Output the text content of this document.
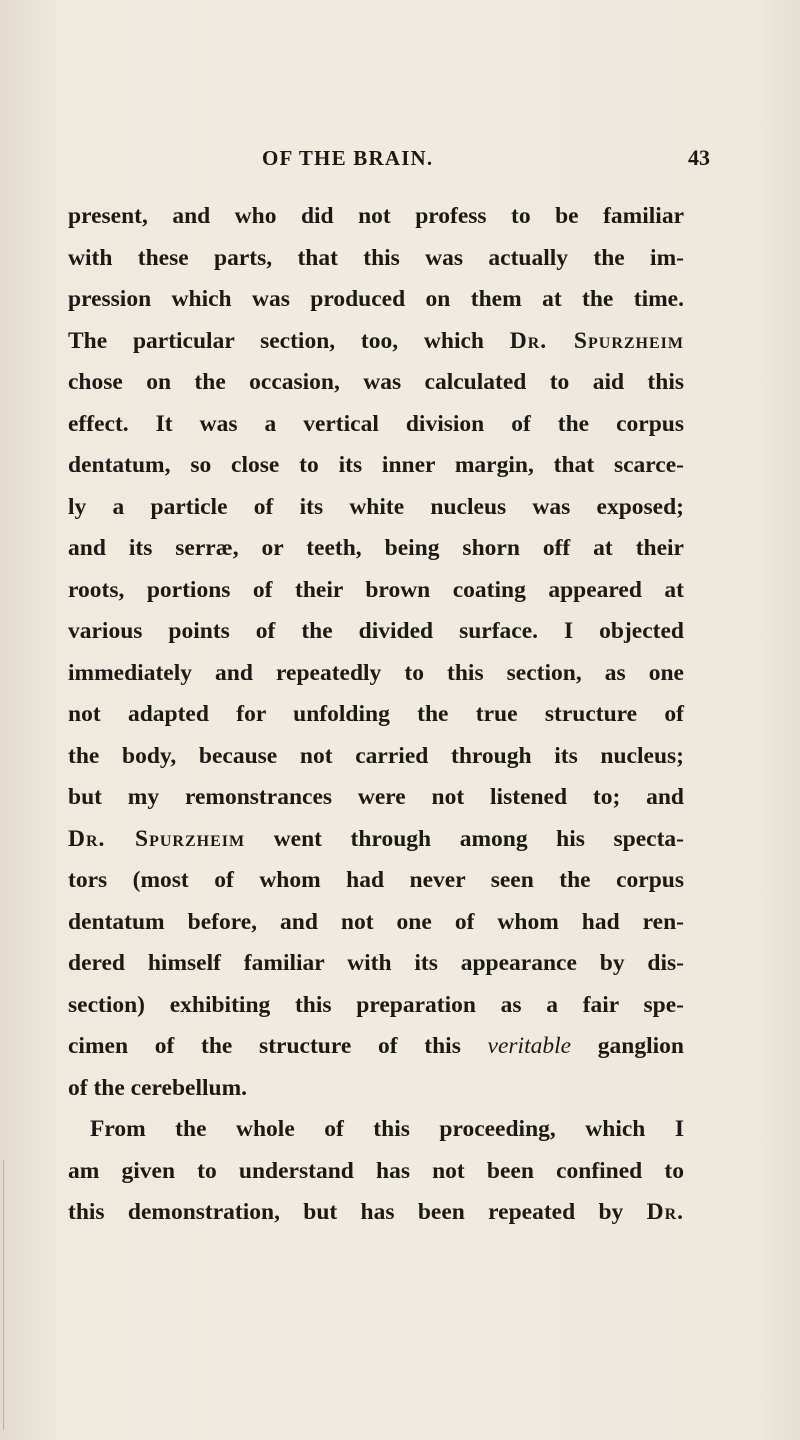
OF THE BRAIN.	43
present, and who did not profess to be familiar
with these parts, that this was actually the im-
pression which was produced on them at the time.
The particular section, too, which Dr. Spurzheim
chose on the occasion, was calculated to aid this
effect. It was a vertical division of the corpus
dentatum, so close to its inner margin, that scarce-
ly a particle of its white nucleus was exposed;
and its serræ, or teeth, being shorn off at their
roots, portions of their brown coating appeared at
various points of the divided surface. I objected
immediately and repeatedly to this section, as one
not adapted for unfolding the true structure of
the body, because not carried through its nucleus;
but my remonstrances were not listened to; and
Dr. Spurzheim went through among his specta-
tors (most of whom had never seen the corpus
dentatum before, and not one of whom had ren-
dered himself familiar with its appearance by dis-
section) exhibiting this preparation as a fair spe-
cimen of the structure of this veritable ganglion
of the cerebellum.
From the whole of this proceeding, which I
am given to understand has not been confined to
this demonstration, but has been repeated by Dr.
